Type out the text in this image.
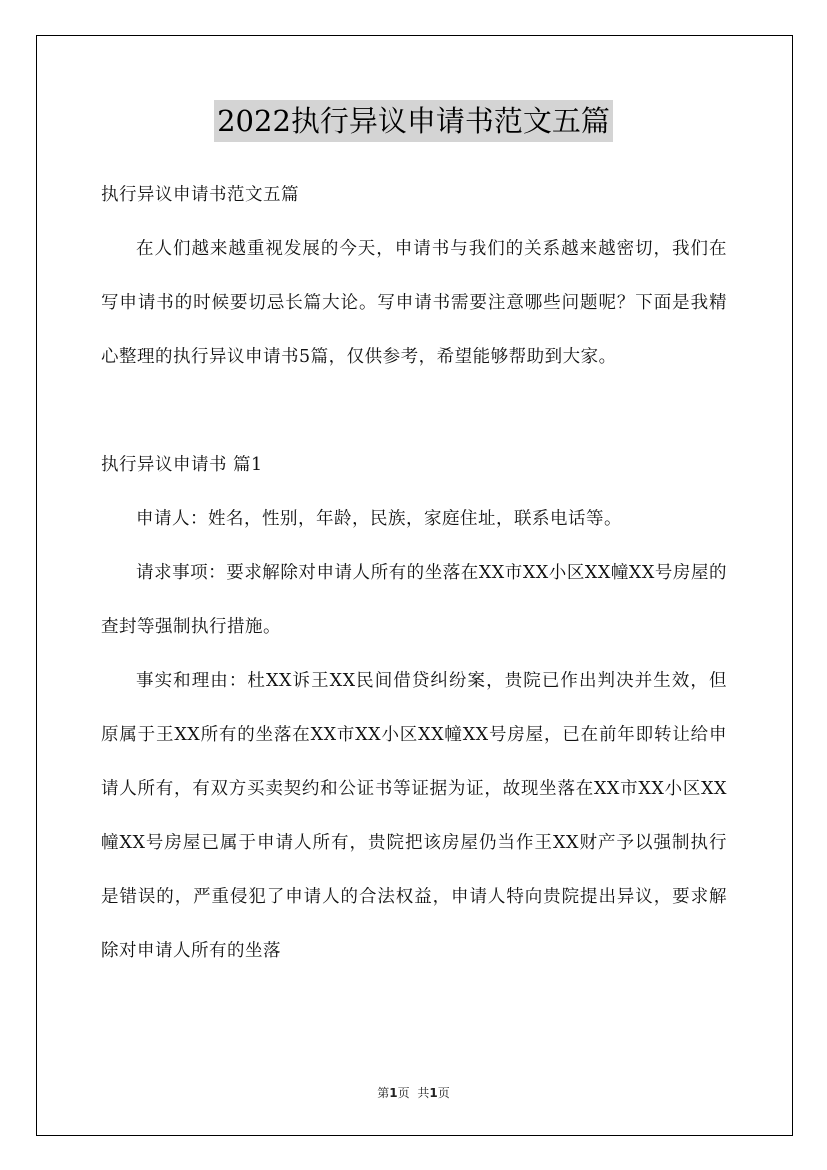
2022执行异议申请书范文五篇

执行异议申请书范文五篇

在人们越来越重视发展的今天，申请书与我们的关系越来越密切，我们在写申请书的时候要切忌长篇大论。写申请书需要注意哪些问题呢？下面是我精心整理的执行异议申请书5篇，仅供参考，希望能够帮助到大家。

执行异议申请书 篇1

申请人：姓名，性别，年龄，民族，家庭住址，联系电话等。

请求事项：要求解除对申请人所有的坐落在XX市XX小区XX幢XX号房屋的查封等强制执行措施。

事实和理由：杜XX诉王XX民间借贷纠纷案，贵院已作出判决并生效，但原属于王XX所有的坐落在XX市XX小区XX幢XX号房屋，已在前年即转让给申请人所有，有双方买卖契约和公证书等证据为证，故现坐落在XX市XX小区XX幢XX号房屋已属于申请人所有，贵院把该房屋仍当作王XX财产予以强制执行是错误的，严重侵犯了申请人的合法权益，申请人特向贵院提出异议，要求解除对申请人所有的坐落

第1页 共1页
